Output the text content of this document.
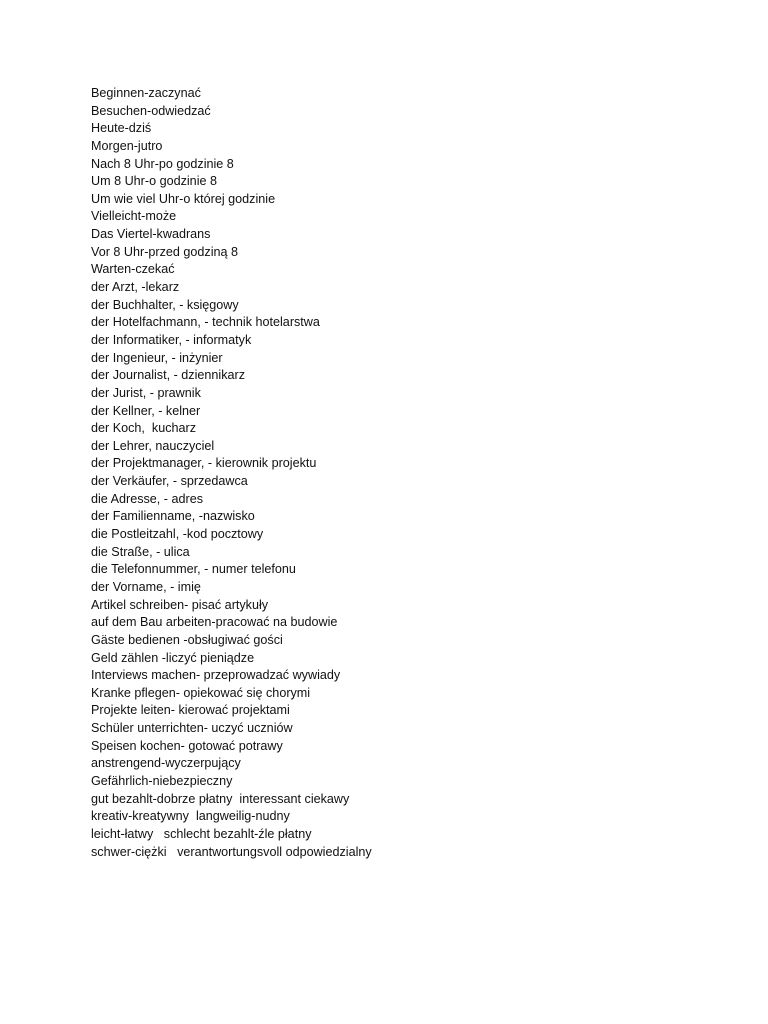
Beginnen-zaczynać
Besuchen-odwiedzać
Heute-dziś
Morgen-jutro
Nach 8 Uhr-po godzinie 8
Um 8 Uhr-o godzinie 8
Um wie viel Uhr-o której godzinie
Vielleicht-może
Das Viertel-kwadrans
Vor 8 Uhr-przed godziną 8
Warten-czekać
der Arzt, -lekarz
der Buchhalter, - księgowy
der Hotelfachmann, - technik hotelarstwa
der Informatiker, - informatyk
der Ingenieur, - inżynier
der Journalist, - dziennikarz
der Jurist, - prawnik
der Kellner, - kelner
der Koch,  kucharz
der Lehrer, nauczyciel
der Projektmanager, - kierownik projektu
der Verkäufer, - sprzedawca
die Adresse, - adres
der Familienname, -nazwisko
die Postleitzahl, -kod pocztowy
die Straße, - ulica
die Telefonnummer, - numer telefonu
der Vorname, - imię
Artikel schreiben- pisać artykuły
auf dem Bau arbeiten-pracować na budowie
Gäste bedienen -obsługiwać gości
Geld zählen -liczyć pieniądze
Interviews machen- przeprowadzać wywiady
Kranke pflegen- opiekować się chorymi
Projekte leiten- kierować projektami
Schüler unterrichten- uczyć uczniów
Speisen kochen- gotować potrawy
anstrengend-wyczerpujący
Gefährlich-niebezpieczny
gut bezahlt-dobrze płatny  interessant ciekawy
kreativ-kreatywny  langweilig-nudny
leicht-łatwy   schlecht bezahlt-źle płatny
schwer-ciężki   verantwortungsvoll odpowiedzialny
